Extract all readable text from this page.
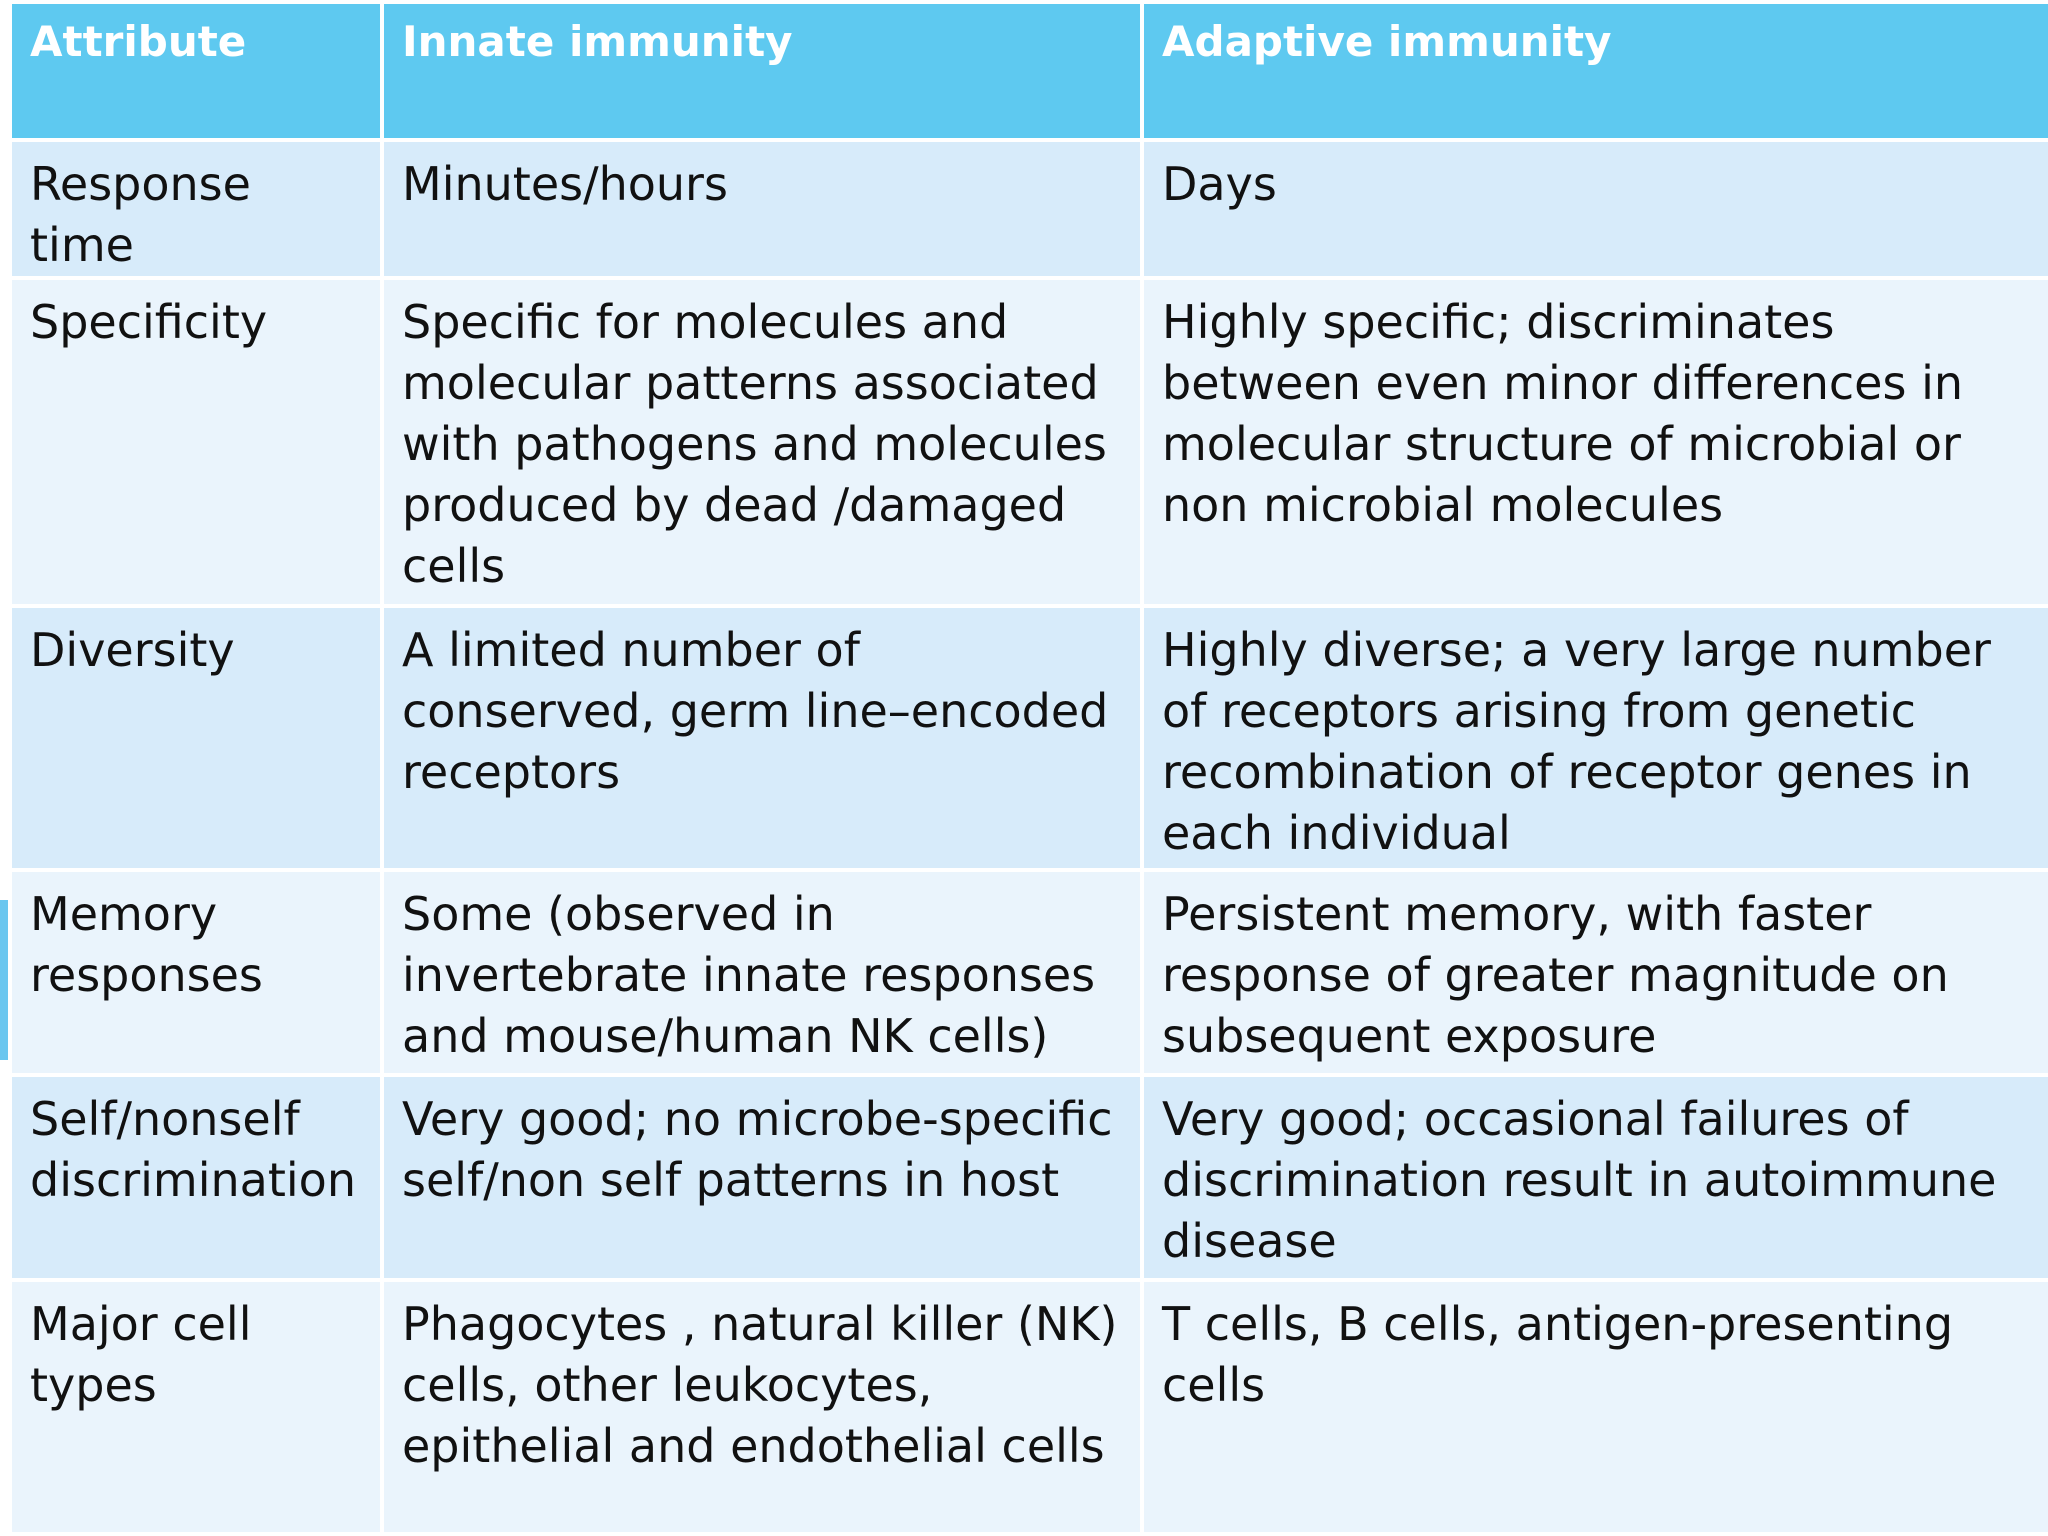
Attribute	Innate immunity	Adaptive immunity
Response time	Minutes/hours	Days
Specificity	Specific for molecules and molecular patterns associated with pathogens and molecules produced by dead /damaged cells	Highly specific; discriminates between even minor differences in molecular structure of microbial or non microbial molecules
Diversity	A limited number of conserved, germ line–encoded receptors	Highly diverse; a very large number of receptors arising from genetic recombination of receptor genes in each individual
Memory responses	Some (observed in invertebrate innate responses and mouse/human NK cells)	Persistent memory, with faster response of greater magnitude on subsequent exposure
Self/nonself discrimination	Very good; no microbe-specific self/non self patterns in host	Very good; occasional failures of discrimination result in autoimmune disease
Major cell types	Phagocytes , natural killer (NK) cells, other leukocytes, epithelial and endothelial cells	T cells, B cells, antigen-presenting cells
